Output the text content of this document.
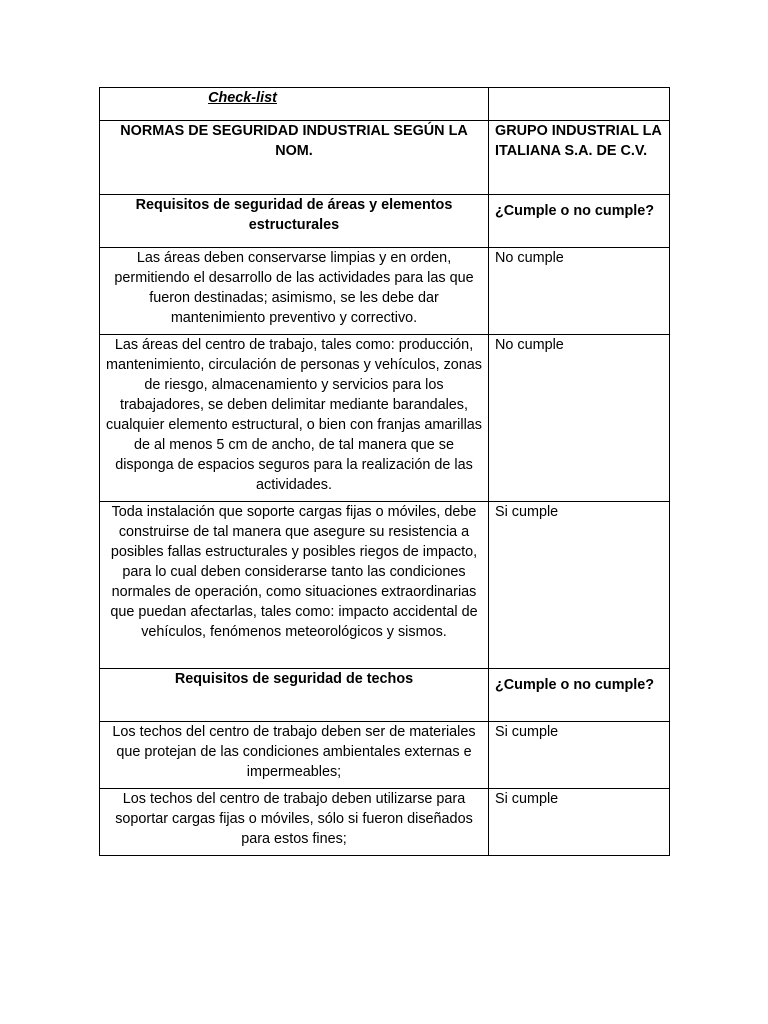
Check-list	

NORMAS DE SEGURIDAD INDUSTRIAL SEGÚN LA NOM.	GRUPO INDUSTRIAL LA ITALIANA S.A. DE C.V.
Requisitos de seguridad de áreas y elementos estructurales	¿Cumple o no cumple?
Las áreas deben conservarse limpias y en orden, permitiendo el desarrollo de las actividades para las que fueron destinadas; asimismo, se les debe dar mantenimiento preventivo y correctivo.	No cumple
Las áreas del centro de trabajo, tales como: producción, mantenimiento, circulación de personas y vehículos, zonas de riesgo, almacenamiento y servicios para los trabajadores, se deben delimitar mediante barandales, cualquier elemento estructural, o bien con franjas amarillas de al menos 5 cm de ancho, de tal manera que se disponga de espacios seguros para la realización de las actividades.	No cumple
Toda instalación que soporte cargas fijas o móviles, debe construirse de tal manera que asegure su resistencia a posibles fallas estructurales y posibles riegos de impacto, para lo cual deben considerarse tanto las condiciones normales de operación, como situaciones extraordinarias que puedan afectarlas, tales como: impacto accidental de vehículos, fenómenos meteorológicos y sismos.	Si cumple
Requisitos de seguridad de techos	¿Cumple o no cumple?
Los techos del centro de trabajo deben ser de materiales que protejan de las condiciones ambientales externas e impermeables;	Si cumple
Los techos del centro de trabajo deben utilizarse para soportar cargas fijas o móviles, sólo si fueron diseñados para estos fines;	Si cumple
